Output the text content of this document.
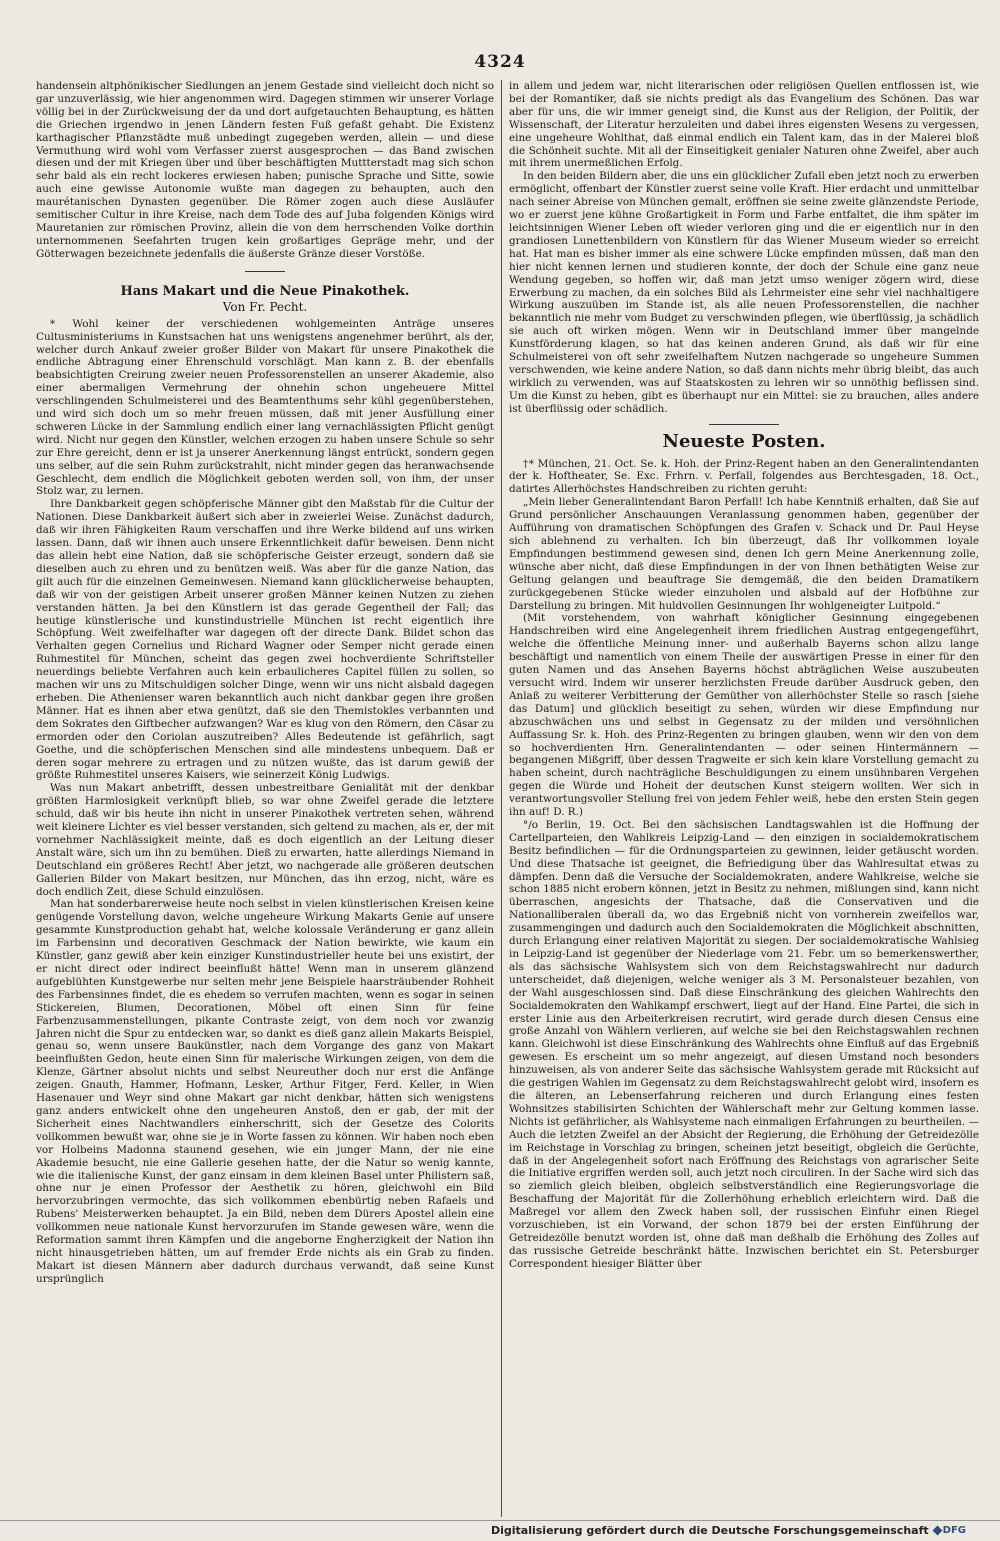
4324

handensein altphönikischer Siedlungen an jenem Gestade sind vielleicht doch nicht so gar unzuverlässig, wie hier angenommen wird. Dagegen stimmen wir unserer Vorlage völlig bei in der Zurückweisung der da und dort aufgetauchten Behauptung, es hätten die Griechen irgendwo in jenen Ländern festen Fuß gefaßt gehabt. Die Existenz karthagischer Pflanzstädte muß unbedingt zugegeben werden, allein — und diese Vermuthung wird wohl vom Verfasser zuerst ausgesprochen — das Band zwischen diesen und der mit Kriegen über und über beschäftigten Muttterstadt mag sich schon sehr bald als ein recht lockeres erwiesen haben; punische Sprache und Sitte, sowie auch eine gewisse Autonomie wußte man dagegen zu behaupten, auch den maurétanischen Dynasten gegenüber. Die Römer zogen auch diese Ausläufer semitischer Cultur in ihre Kreise, nach dem Tode des auf Juba folgenden Königs wird Mauretanien zur römischen Provinz, allein die von dem herrschenden Volke dorthin unternommenen Seefahrten trugen kein großartiges Gepräge mehr, und der Götterwagen bezeichnete jedenfalls die äußerste Gränze dieser Vorstöße.

Hans Makart und die Neue Pinakothek.
Von Fr. Pecht.

* Wohl keiner der verschiedenen wohlgemeinten Anträge unseres Cultusministeriums in Kunstsachen hat uns wenigstens angenehmer berührt, als der, welcher durch Ankauf zweier großer Bilder von Makart für unsere Pinakothek die endliche Abtragung einer Ehrenschuld vorschlägt. Man kann z. B. der ebenfalls beabsichtigten Creirung zweier neuen Professorenstellen an unserer Akademie, also einer abermaligen Vermehrung der ohnehin schon ungeheuere Mittel verschlingenden Schulmeisterei und des Beamtenthums sehr kühl gegenüberstehen, und wird sich doch um so mehr freuen müssen, daß mit jener Ausfüllung einer schweren Lücke in der Sammlung endlich einer lang vernachlässigten Pflicht genügt wird. Nicht nur gegen den Künstler, welchen erzogen zu haben unsere Schule so sehr zur Ehre gereicht, denn er ist ja unserer Anerkennung längst entrückt, sondern gegen uns selber, auf die sein Ruhm zurückstrahlt, nicht minder gegen das heranwachsende Geschlecht, dem endlich die Möglichkeit geboten werden soll, von ihm, der unser Stolz war, zu lernen.

Ihre Dankbarkeit gegen schöpferische Männer gibt den Maßstab für die Cultur der Nationen. Diese Dankbarkeit äußert sich aber in zweierlei Weise. Zunächst dadurch, daß wir ihren Fähigkeiten Raum verschaffen und ihre Werke bildend auf uns wirken lassen. Dann, daß wir ihnen auch unsere Erkenntlichkeit dafür beweisen. Denn nicht das allein hebt eine Nation, daß sie schöpferische Geister erzeugt, sondern daß sie dieselben auch zu ehren und zu benützen weiß. Was aber für die ganze Nation, das gilt auch für die einzelnen Gemeinwesen. Niemand kann glücklicherweise behaupten, daß wir von der geistigen Arbeit unserer großen Männer keinen Nutzen zu ziehen verstanden hätten. Ja bei den Künstlern ist das gerade Gegentheil der Fall; das heutige künstlerische und kunstindustrielle München ist recht eigentlich ihre Schöpfung. Weit zweifelhafter war dagegen oft der directe Dank. Bildet schon das Verhalten gegen Cornelius und Richard Wagner oder Semper nicht gerade einen Ruhmestitel für München, scheint das gegen zwei hochverdiente Schriftsteller neuerdings beliebte Verfahren auch kein erbaulicheres Capitel füllen zu sollen, so machen wir uns zu Mitschuldigen solcher Dinge, wenn wir uns nicht alsbald dagegen erheben. Die Athenienser waren bekanntlich auch nicht dankbar gegen ihre großen Männer. Hat es ihnen aber etwa genützt, daß sie den Themistokles verbannten und dem Sokrates den Giftbecher aufzwangen? War es klug von den Römern, den Cäsar zu ermorden oder den Coriolan auszutreiben? Alles Bedeutende ist gefährlich, sagt Goethe, und die schöpferischen Menschen sind alle mindestens unbequem. Daß er deren sogar mehrere zu ertragen und zu nützen wußte, das ist darum gewiß der größte Ruhmestitel unseres Kaisers, wie seinerzeit König Ludwigs.

Was nun Makart anbetrifft, dessen unbestreitbare Genialität mit der denkbar größten Harmlosigkeit verknüpft blieb, so war ohne Zweifel gerade die letztere schuld, daß wir bis heute ihn nicht in unserer Pinakothek vertreten sehen, während weit kleinere Lichter es viel besser verstanden, sich geltend zu machen, als er, der mit vornehmer Nachlässigkeit meinte, daß es doch eigentlich an der Leitung dieser Anstalt wäre, sich um ihn zu bemühen. Dieß zu erwarten, hatte allerdings Niemand in Deutschland ein größeres Recht! Aber jetzt, wo nachgerade alle größeren deutschen Gallerien Bilder von Makart besitzen, nur München, das ihn erzog, nicht, wäre es doch endlich Zeit, diese Schuld einzulösen.

Man hat sonderbarerweise heute noch selbst in vielen künstlerischen Kreisen keine genügende Vorstellung davon, welche ungeheure Wirkung Makarts Genie auf unsere gesammte Kunstproduction gehabt hat, welche kolossale Veränderung er ganz allein im Farbensinn und decorativen Geschmack der Nation bewirkte, wie kaum ein Künstler, ganz gewiß aber kein einziger Kunstindustrieller heute bei uns existirt, der er nicht direct oder indirect beeinflußt hätte! Wenn man in unserem glänzend aufgeblühten Kunstgewerbe nur selten mehr jene Beispiele haarsträubender Rohheit des Farbensinnes findet, die es ehedem so verrufen machten, wenn es sogar in seinen Stickereien, Blumen, Decorationen, Möbel oft einen Sinn für feine Farbenzusammenstellungen, pikante Contraste zeigt, von dem noch vor zwanzig Jahren nicht die Spur zu entdecken war, so dankt es dieß ganz allein Makarts Beispiel, genau so, wenn unsere Baukünstler, nach dem Vorgange des ganz von Makart beeinflußten Gedon, heute einen Sinn für malerische Wirkungen zeigen, von dem die Klenze, Gärtner absolut nichts und selbst Neureuther doch nur erst die Anfänge zeigen. Gnauth, Hammer, Hofmann, Lesker, Arthur Fitger, Ferd. Keller, in Wien Hasenauer und Weyr sind ohne Makart gar nicht denkbar, hätten sich wenigstens ganz anders entwickelt ohne den ungeheuren Anstoß, den er gab, der mit der Sicherheit eines Nachtwandlers einherschritt, sich der Gesetze des Colorits vollkommen bewußt war, ohne sie je in Worte fassen zu können. Wir haben noch eben vor Holbeins Madonna staunend gesehen, wie ein junger Mann, der nie eine Akademie besucht, nie eine Gallerie gesehen hatte, der die Natur so wenig kannte, wie die italienische Kunst, der ganz einsam in dem kleinen Basel unter Philistern saß, ohne nur je einen Professor der Aesthetik zu hören, gleichwohl ein Bild hervorzubringen vermochte, das sich vollkommen ebenbürtig neben Rafaels und Rubens' Meisterwerken behauptet. Ja ein Bild, neben dem Dürers Apostel allein eine vollkommen neue nationale Kunst hervorzurufen im Stande gewesen wäre, wenn die Reformation sammt ihren Kämpfen und die angeborne Engherzigkeit der Nation ihn nicht hinausgetrieben hätten, um auf fremder Erde nichts als ein Grab zu finden. Makart ist diesen Männern aber dadurch durchaus verwandt, daß seine Kunst ursprünglich

in allem und jedem war, nicht literarischen oder religiösen Quellen entflossen ist, wie bei der Romantiker, daß sie nichts predigt als das Evangelium des Schönen. Das war aber für uns, die wir immer geneigt sind, die Kunst aus der Religion, der Politik, der Wissenschaft, der Literatur herzuleiten und dabei ihres eigensten Wesens zu vergessen, eine ungeheure Wohlthat, daß einmal endlich ein Talent kam, das in der Malerei bloß die Schönheit suchte. Mit all der Einseitigkeit genialer Naturen ohne Zweifel, aber auch mit ihrem unermeßlichen Erfolg.

In den beiden Bildern aber, die uns ein glücklicher Zufall eben jetzt noch zu erwerben ermöglicht, offenbart der Künstler zuerst seine volle Kraft. Hier erdacht und unmittelbar nach seiner Abreise von München gemalt, eröffnen sie seine zweite glänzendste Periode, wo er zuerst jene kühne Großartigkeit in Form und Farbe entfaltet, die ihm später im leichtsinnigen Wiener Leben oft wieder verloren ging und die er eigentlich nur in den grandiosen Lunettenbildern von Künstlern für das Wiener Museum wieder so erreicht hat. Hat man es bisher immer als eine schwere Lücke empfinden müssen, daß man den hier nicht kennen lernen und studieren konnte, der doch der Schule eine ganz neue Wendung gegeben, so hoffen wir, daß man jetzt umso weniger zögern wird, diese Erwerbung zu machen, da ein solches Bild als Lehrmeister eine sehr viel nachhaltigere Wirkung auszuüben im Stande ist, als alle neuen Professorenstellen, die nachher bekanntlich nie mehr vom Budget zu verschwinden pflegen, wie überflüssig, ja schädlich sie auch oft wirken mögen. Wenn wir in Deutschland immer über mangelnde Kunstförderung klagen, so hat das keinen anderen Grund, als daß wir für eine Schulmeisterei von oft sehr zweifelhaftem Nutzen nachgerade so ungeheure Summen verschwenden, wie keine andere Nation, so daß dann nichts mehr übrig bleibt, das auch wirklich zu verwenden, was auf Staatskosten zu lehren wir so unnöthig beflissen sind. Um die Kunst zu heben, gibt es überhaupt nur ein Mittel: sie zu brauchen, alles andere ist überflüssig oder schädlich.

Neueste Posten.

†* München, 21. Oct. Se. k. Hoh. der Prinz-Regent haben an den Generalintendanten der k. Hoftheater, Se. Exc. Frhrn. v. Perfall, folgendes aus Berchtesgaden, 18. Oct., datirtes Allerhöchstes Handschreiben zu richten geruht:

„Mein lieber Generalintendant Baron Perfall! Ich habe Kenntniß erhalten, daß Sie auf Grund persönlicher Anschauungen Veranlassung genommen haben, gegenüber der Aufführung von dramatischen Schöpfungen des Grafen v. Schack und Dr. Paul Heyse sich ablehnend zu verhalten. Ich bin überzeugt, daß Ihr vollkommen loyale Empfindungen bestimmend gewesen sind, denen Ich gern Meine Anerkennung zolle, wünsche aber nicht, daß diese Empfindungen in der von Ihnen bethätigten Weise zur Geltung gelangen und beauftrage Sie demgemäß, die den beiden Dramatikern zurückgegebenen Stücke wieder einzuholen und alsbald auf der Hofbühne zur Darstellung zu bringen. Mit huldvollen Gesinnungen Ihr wohlgeneigter Luitpold.“

(Mit vorstehendem, von wahrhaft königlicher Gesinnung eingegebenen Handschreiben wird eine Angelegenheit ihrem friedlichen Austrag entgegengeführt, welche die öffentliche Meinung inner- und außerhalb Bayerns schon allzu lange beschäftigt und namentlich von einem Theile der auswärtigen Presse in einer für den guten Namen und das Ansehen Bayerns höchst abträglichen Weise auszubeuten versucht wird. Indem wir unserer herzlichsten Freude darüber Ausdruck geben, den Anlaß zu weiterer Verbitterung der Gemüther von allerhöchster Stelle so rasch [siehe das Datum] und glücklich beseitigt zu sehen, würden wir diese Empfindung nur abzuschwächen uns und selbst in Gegensatz zu der milden und versöhnlichen Auffassung Sr. k. Hoh. des Prinz-Regenten zu bringen glauben, wenn wir den von dem so hochverdienten Hrn. Generalintendanten — oder seinen Hintermännern — begangenen Mißgriff, über dessen Tragweite er sich kein klare Vorstellung gemacht zu haben scheint, durch nachträgliche Beschuldigungen zu einem unsühnbaren Vergehen gegen die Würde und Hoheit der deutschen Kunst steigern wollten. Wer sich in verantwortungsvoller Stellung frei von jedem Fehler weiß, hebe den ersten Stein gegen ihn auf! D. R.)

°/o Berlin, 19. Oct. Bei den sächsischen Landtagswahlen ist die Hoffnung der Cartellparteien, den Wahlkreis Leipzig-Land — den einzigen in socialdemokratischem Besitz befindlichen — für die Ordnungsparteien zu gewinnen, leider getäuscht worden. Und diese Thatsache ist geeignet, die Befriedigung über das Wahlresultat etwas zu dämpfen. Denn daß die Versuche der Socialdemokraten, andere Wahlkreise, welche sie schon 1885 nicht erobern können, jetzt in Besitz zu nehmen, mißlungen sind, kann nicht überraschen, angesichts der Thatsache, daß die Conservativen und die Nationalliberalen überall da, wo das Ergebniß nicht von vornherein zweifellos war, zusammengingen und dadurch auch den Socialdemokraten die Möglichkeit abschnitten, durch Erlangung einer relativen Majorität zu siegen. Der socialdemokratische Wahlsieg in Leipzig-Land ist gegenüber der Niederlage vom 21. Febr. um so bemerkenswerther, als das sächsische Wahlsystem sich von dem Reichstagswahlrecht nur dadurch unterscheidet, daß diejenigen, welche weniger als 3 M. Personalsteuer bezahlen, von der Wahl ausgeschlossen sind. Daß diese Einschränkung des gleichen Wahlrechts den Socialdemokraten den Wahlkampf erschwert, liegt auf der Hand. Eine Partei, die sich in erster Linie aus den Arbeiterkreisen recrutirt, wird gerade durch diesen Census eine große Anzahl von Wählern verlieren, auf welche sie bei den Reichstagswahlen rechnen kann. Gleichwohl ist diese Einschränkung des Wahlrechts ohne Einfluß auf das Ergebniß gewesen. Es erscheint um so mehr angezeigt, auf diesen Umstand noch besonders hinzuweisen, als von anderer Seite das sächsische Wahlsystem gerade mit Rücksicht auf die gestrigen Wahlen im Gegensatz zu dem Reichstagswahlrecht gelobt wird, insofern es die älteren, an Lebenserfahrung reicheren und durch Erlangung eines festen Wohnsitzes stabilisirten Schichten der Wählerschaft mehr zur Geltung kommen lasse. Nichts ist gefährlicher, als Wahlsysteme nach einmaligen Erfahrungen zu beurtheilen. — Auch die letzten Zweifel an der Absicht der Regierung, die Erhöhung der Getreidezölle im Reichstage in Vorschlag zu bringen, scheinen jetzt beseitigt, obgleich die Gerüchte, daß in der Angelegenheit sofort nach Eröffnung des Reichstags von agrarischer Seite die Initiative ergriffen werden soll, auch jetzt noch circuliren. In der Sache wird sich das so ziemlich gleich bleiben, obgleich selbstverständlich eine Regierungsvorlage die Beschaffung der Majorität für die Zollerhöhung erheblich erleichtern wird. Daß die Maßregel vor allem den Zweck haben soll, der russischen Einfuhr einen Riegel vorzuschieben, ist ein Vorwand, der schon 1879 bei der ersten Einführung der Getreidezölle benutzt worden ist, ohne daß man deßhalb die Erhöhung des Zolles auf das russische Getreide beschränkt hätte. Inzwischen berichtet ein St. Petersburger Correspondent hiesiger Blätter über

Digitalisierung gefördert durch die Deutsche Forschungsgemeinschaft DFG
